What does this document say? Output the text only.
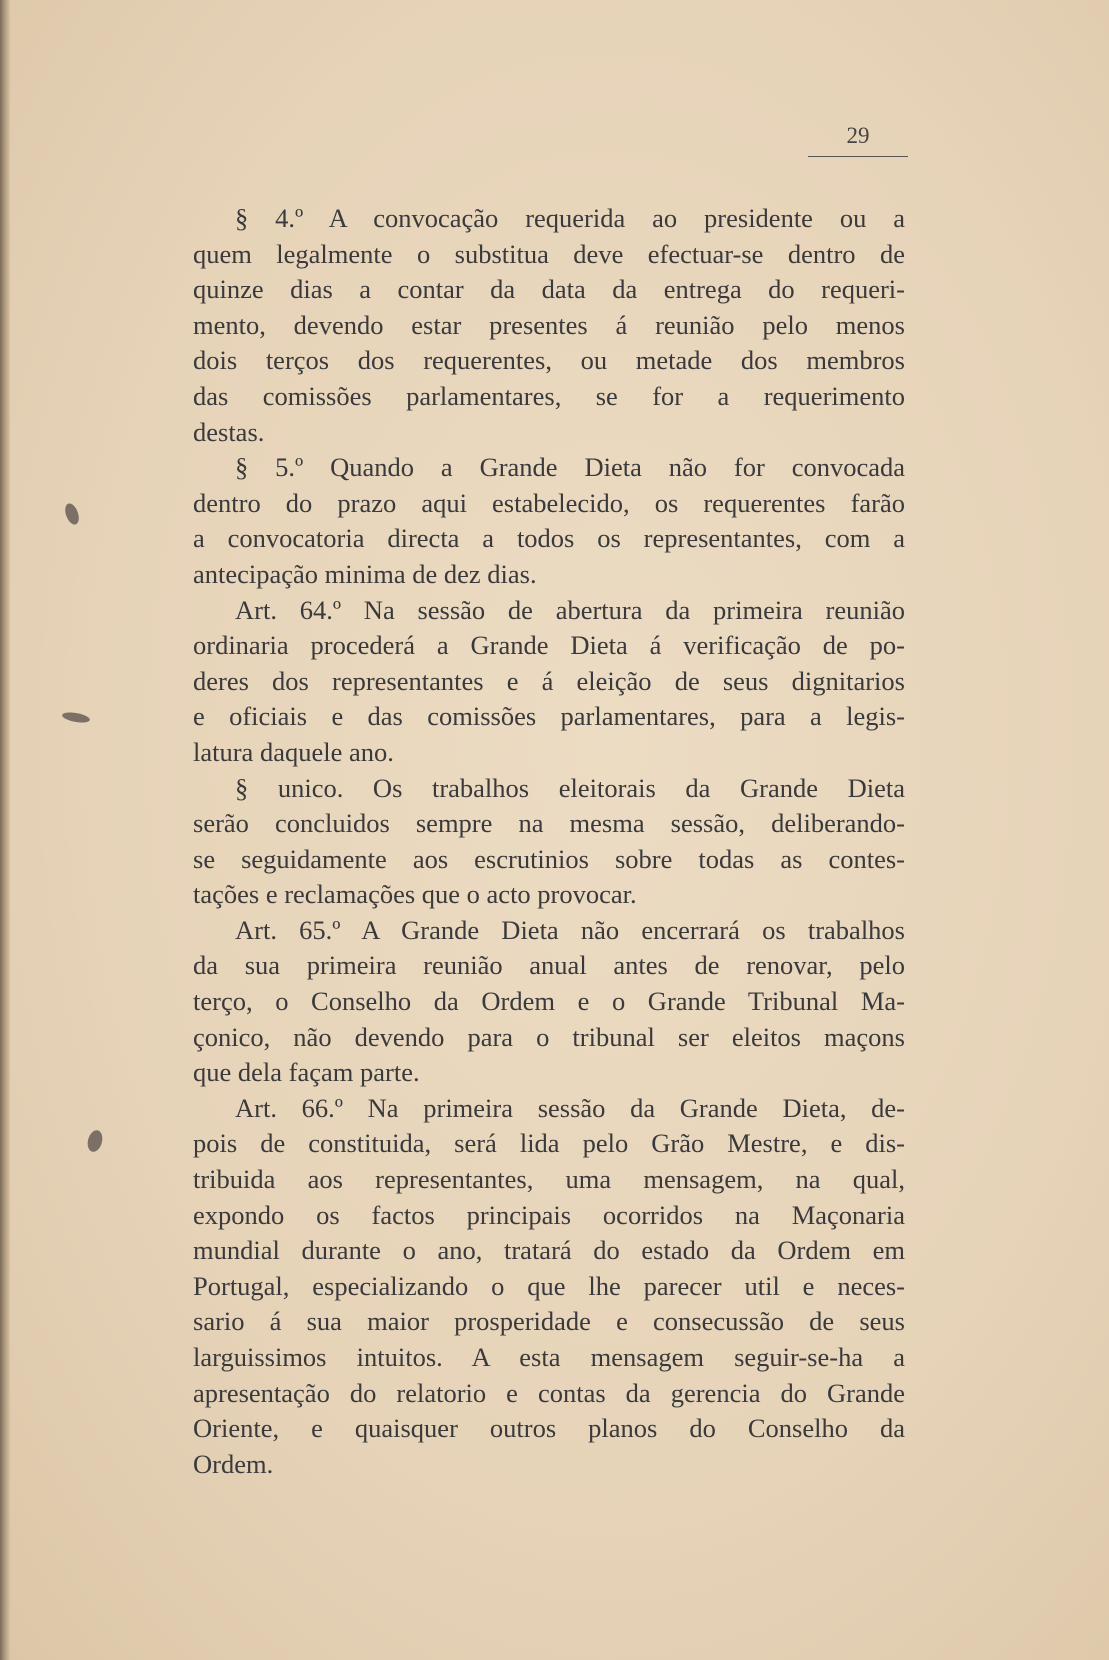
29
§ 4.º A convocação requerida ao presidente ou a
quem legalmente o substitua deve efectuar-se dentro de
quinze dias a contar da data da entrega do requeri-
mento, devendo estar presentes á reunião pelo menos
dois terços dos requerentes, ou metade dos membros
das comissões parlamentares, se for a requerimento
destas.
§ 5.º Quando a Grande Dieta não for convocada
dentro do prazo aqui estabelecido, os requerentes farão
a convocatoria directa a todos os representantes, com a
antecipação minima de dez dias.
Art. 64.º Na sessão de abertura da primeira reunião
ordinaria procederá a Grande Dieta á verificação de po-
deres dos representantes e á eleição de seus dignitarios
e oficiais e das comissões parlamentares, para a legis-
latura daquele ano.
§ unico. Os trabalhos eleitorais da Grande Dieta
serão concluidos sempre na mesma sessão, deliberando-
se seguidamente aos escrutinios sobre todas as contes-
tações e reclamações que o acto provocar.
Art. 65.º A Grande Dieta não encerrará os trabalhos
da sua primeira reunião anual antes de renovar, pelo
terço, o Conselho da Ordem e o Grande Tribunal Ma-
çonico, não devendo para o tribunal ser eleitos maçons
que dela façam parte.
Art. 66.º Na primeira sessão da Grande Dieta, de-
pois de constituida, será lida pelo Grão Mestre, e dis-
tribuida aos representantes, uma mensagem, na qual,
expondo os factos principais ocorridos na Maçonaria
mundial durante o ano, tratará do estado da Ordem em
Portugal, especializando o que lhe parecer util e neces-
sario á sua maior prosperidade e consecussão de seus
larguissimos intuitos. A esta mensagem seguir-se-ha a
apresentação do relatorio e contas da gerencia do Grande
Oriente, e quaisquer outros planos do Conselho da
Ordem.
